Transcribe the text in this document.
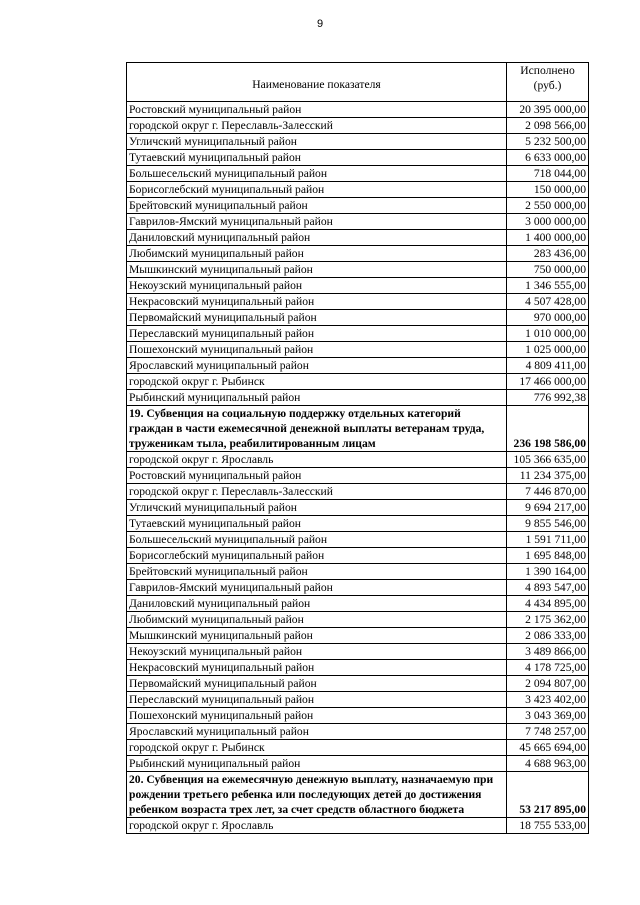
9
Наименование показателя	Исполнено (руб.)
Ростовский муниципальный район	20 395 000,00
городской округ г. Переславль-Залесский	2 098 566,00
Угличский муниципальный район	5 232 500,00
Тутаевский муниципальный район	6 633 000,00
Большесельский муниципальный район	718 044,00
Борисоглебский муниципальный район	150 000,00
Брейтовский муниципальный район	2 550 000,00
Гаврилов-Ямский муниципальный район	3 000 000,00
Даниловский муниципальный район	1 400 000,00
Любимский муниципальный район	283 436,00
Мышкинский муниципальный район	750 000,00
Некоузский муниципальный район	1 346 555,00
Некрасовский муниципальный район	4 507 428,00
Первомайский муниципальный район	970 000,00
Переславский муниципальный район	1 010 000,00
Пошехонский муниципальный район	1 025 000,00
Ярославский муниципальный район	4 809 411,00
городской округ г. Рыбинск	17 466 000,00
Рыбинский муниципальный район	776 992,38
19. Субвенция на социальную поддержку отдельных категорий граждан в части ежемесячной денежной выплаты ветеранам труда, труженикам тыла, реабилитированным лицам	236 198 586,00
городской округ г. Ярославль	105 366 635,00
Ростовский муниципальный район	11 234 375,00
городской округ г. Переславль-Залесский	7 446 870,00
Угличский муниципальный район	9 694 217,00
Тутаевский муниципальный район	9 855 546,00
Большесельский муниципальный район	1 591 711,00
Борисоглебский муниципальный район	1 695 848,00
Брейтовский муниципальный район	1 390 164,00
Гаврилов-Ямский муниципальный район	4 893 547,00
Даниловский муниципальный район	4 434 895,00
Любимский муниципальный район	2 175 362,00
Мышкинский муниципальный район	2 086 333,00
Некоузский муниципальный район	3 489 866,00
Некрасовский муниципальный район	4 178 725,00
Первомайский муниципальный район	2 094 807,00
Переславский муниципальный район	3 423 402,00
Пошехонский муниципальный район	3 043 369,00
Ярославский муниципальный район	7 748 257,00
городской округ г. Рыбинск	45 665 694,00
Рыбинский муниципальный район	4 688 963,00
20. Субвенция на ежемесячную денежную выплату, назначаемую при рождении третьего ребенка или последующих детей до достижения ребенком возраста трех лет, за счет средств областного бюджета	53 217 895,00
городской округ г. Ярославль	18 755 533,00
